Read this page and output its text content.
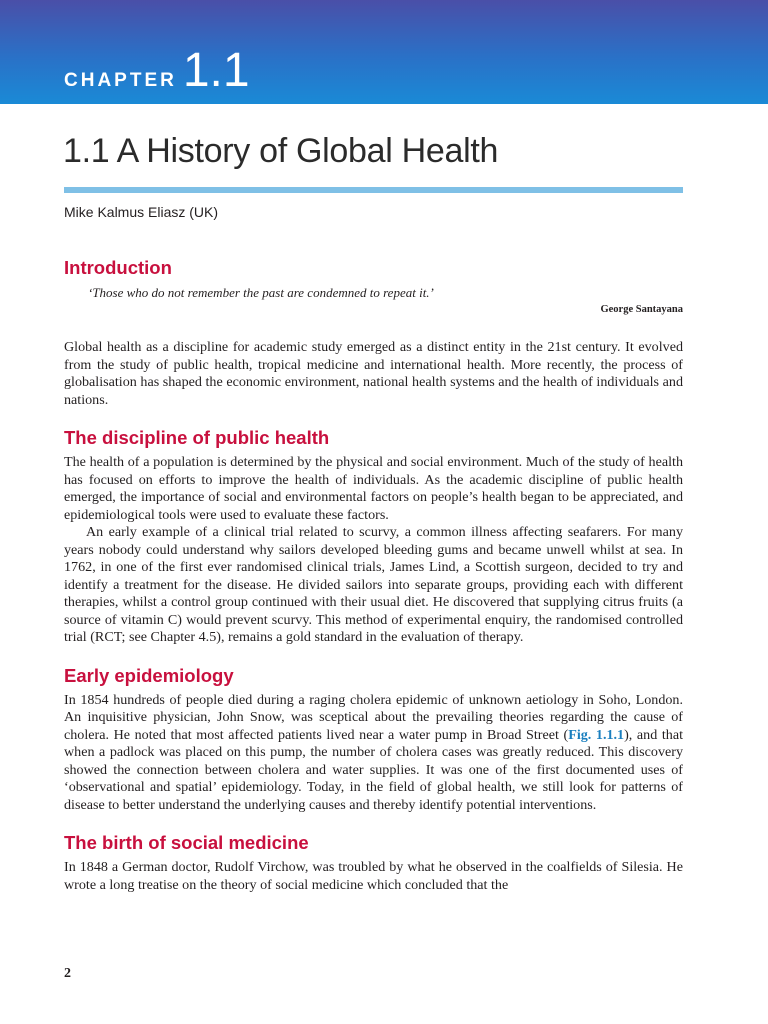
CHAPTER 1.1
1.1 A History of Global Health
Mike Kalmus Eliasz (UK)
Introduction
‘Those who do not remember the past are condemned to repeat it.’
George Santayana

Global health as a discipline for academic study emerged as a distinct entity in the 21st century. It evolved from the study of public health, tropical medicine and international health. More recently, the process of globalisation has shaped the economic environment, national health systems and the health of individuals and nations.

The discipline of public health

The health of a population is determined by the physical and social environment. Much of the study of health has focused on efforts to improve the health of individuals. As the academic discipline of public health emerged, the importance of social and environmental factors on people’s health began to be appreciated, and epidemiological tools were used to evaluate these factors.

An early example of a clinical trial related to scurvy, a common illness affecting seafarers. For many years nobody could understand why sailors developed bleeding gums and became unwell whilst at sea. In 1762, in one of the first ever randomised clinical trials, James Lind, a Scottish surgeon, decided to try and identify a treatment for the disease. He divided sailors into separate groups, providing each with different therapies, whilst a control group continued with their usual diet. He discovered that supplying citrus fruits (a source of vitamin C) would prevent scurvy. This method of experimental enquiry, the randomised controlled trial (RCT; see Chapter 4.5), remains a gold standard in the evaluation of therapy.

Early epidemiology

In 1854 hundreds of people died during a raging cholera epidemic of unknown aetiology in Soho, London. An inquisitive physician, John Snow, was sceptical about the prevailing theories regarding the cause of cholera. He noted that most affected patients lived near a water pump in Broad Street (Fig. 1.1.1), and that when a padlock was placed on this pump, the number of cholera cases was greatly reduced. This discovery showed the connection between cholera and water supplies. It was one of the first documented uses of ‘observational and spatial’ epidemiology. Today, in the field of global health, we still look for patterns of disease to better understand the underlying causes and thereby identify potential interventions.

The birth of social medicine

In 1848 a German doctor, Rudolf Virchow, was troubled by what he observed in the coalfields of Silesia. He wrote a long treatise on the theory of social medicine which concluded that the

2
